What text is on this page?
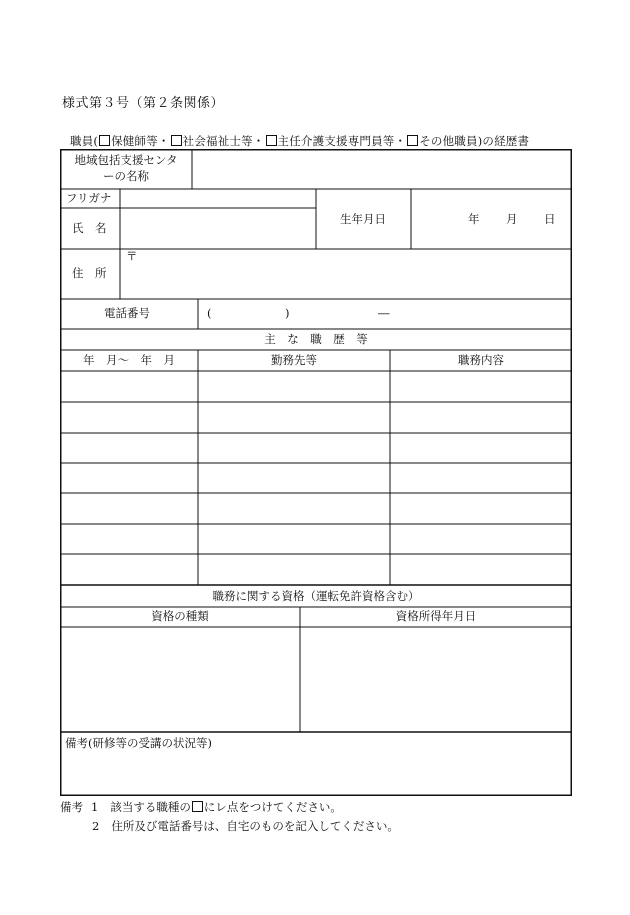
様式第３号（第２条関係）
職員( 保健師等・ 社会福祉士等・ 主任介護支援専門員等・ その他職員)の経歴書
地域包括支援センタ
ーの名称
フリガナ
氏　名
生年月日	年 月 日
住　所
〒
電話番号	(	)	―
主　な　職　歴　等
年　月～　年　月	勤務先等	職務内容
職務に関する資格（運転免許資格含む）
資格の種類	資格所得年月日
備考(研修等の受講の状況等)
備考 1 該当する職種の にレ点をつけてください。
2 住所及び電話番号は、自宅のものを記入してください。
